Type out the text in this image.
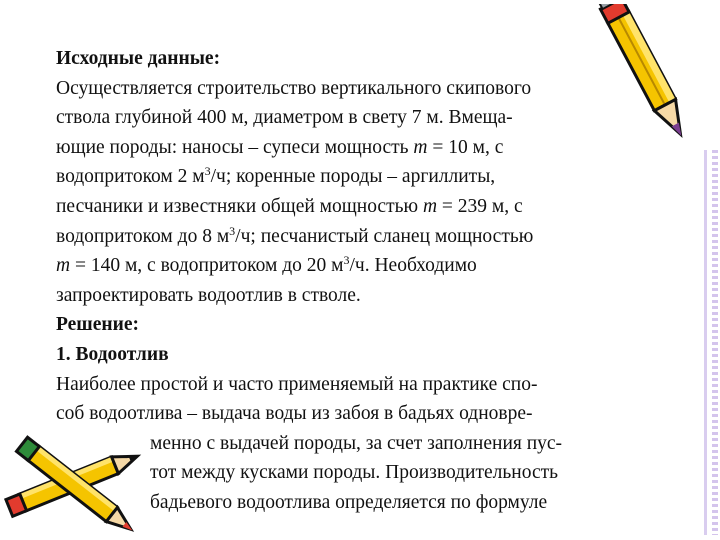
Исходные данные:
Осуществляется строительство вертикального скипового
ствола глубиной 400 м, диаметром в свету 7 м. Вмеща-
ющие породы: наносы – супеси мощность m = 10 м, с
водопритоком 2 $м^3/ч$; коренные породы – аргиллиты,
песчаники и известняки общей мощностью m = 239 м, с
водопритоком до 8 $м^3/ч$; песчанистый сланец мощностью
m = 140 м, с водопритоком до 20 $м^3/ч$. Необходимо
запроектировать водоотлив в стволе.
Решение:
1. Водоотлив
Наиболее простой и часто применяемый на практике спо-
соб водоотлива – выдача воды из забоя в бадьях одновре-
менно с выдачей породы, за счет заполнения пус-
тот между кусками породы. Производительность
бадьевого водоотлива определяется по формуле
